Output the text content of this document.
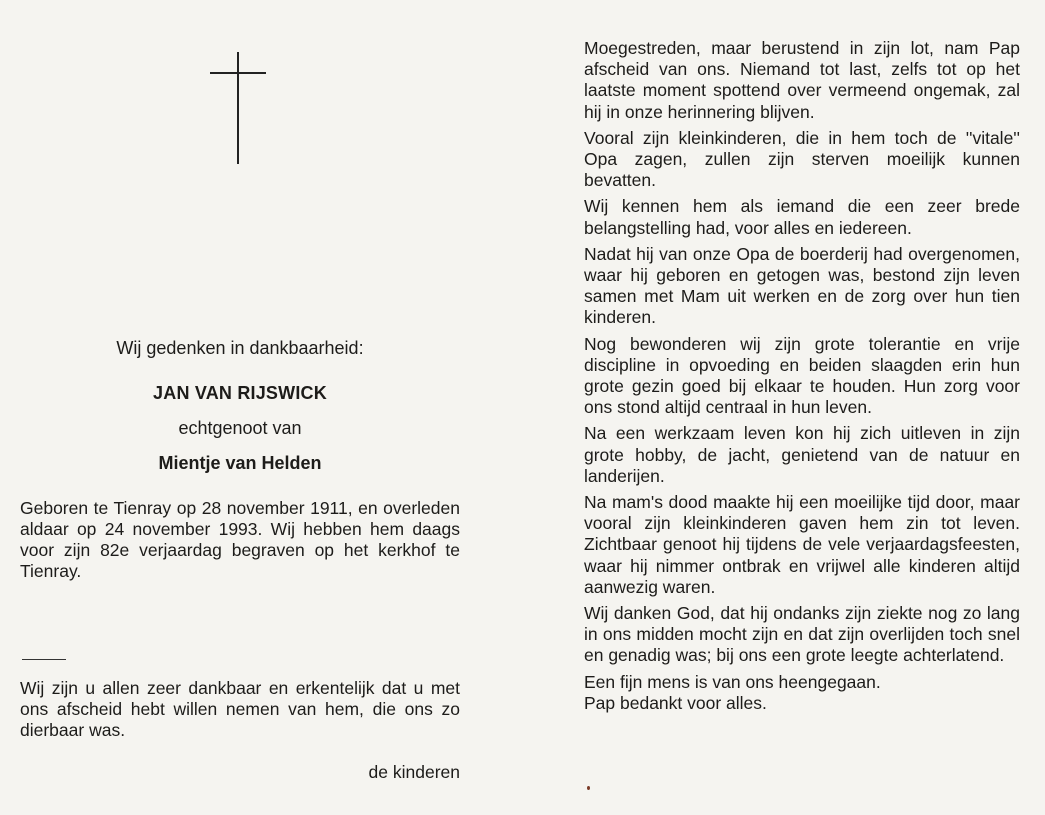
Wij gedenken in dankbaarheid:
JAN VAN RIJSWICK
echtgenoot van
Mientje van Helden

Geboren te Tienray op 28 november 1911, en overleden aldaar op 24 november 1993. Wij hebben hem daags voor zijn 82e verjaardag begraven op het kerkhof te Tienray.

Wij zijn u allen zeer dankbaar en erkentelijk dat u met ons afscheid hebt willen nemen van hem, die ons zo dierbaar was.

de kinderen

Moegestreden, maar berustend in zijn lot, nam Pap afscheid van ons. Niemand tot last, zelfs tot op het laatste moment spottend over vermeend ongemak, zal hij in onze herinnering blijven.

Vooral zijn kleinkinderen, die in hem toch de ''vitale'' Opa zagen, zullen zijn sterven moeilijk kunnen bevatten.

Wij kennen hem als iemand die een zeer brede belangstelling had, voor alles en iedereen.

Nadat hij van onze Opa de boerderij had overgenomen, waar hij geboren en getogen was, bestond zijn leven samen met Mam uit werken en de zorg over hun tien kinderen.

Nog bewonderen wij zijn grote tolerantie en vrije discipline in opvoeding en beiden slaagden erin hun grote gezin goed bij elkaar te houden. Hun zorg voor ons stond altijd centraal in hun leven.

Na een werkzaam leven kon hij zich uitleven in zijn grote hobby, de jacht, genietend van de natuur en landerijen.

Na mam's dood maakte hij een moeilijke tijd door, maar vooral zijn kleinkinderen gaven hem zin tot leven. Zichtbaar genoot hij tijdens de vele verjaardagsfeesten, waar hij nimmer ontbrak en vrijwel alle kinderen altijd aanwezig waren.

Wij danken God, dat hij ondanks zijn ziekte nog zo lang in ons midden mocht zijn en dat zijn overlijden toch snel en genadig was; bij ons een grote leegte achterlatend.

Een fijn mens is van ons heengegaan.

Pap bedankt voor alles.
